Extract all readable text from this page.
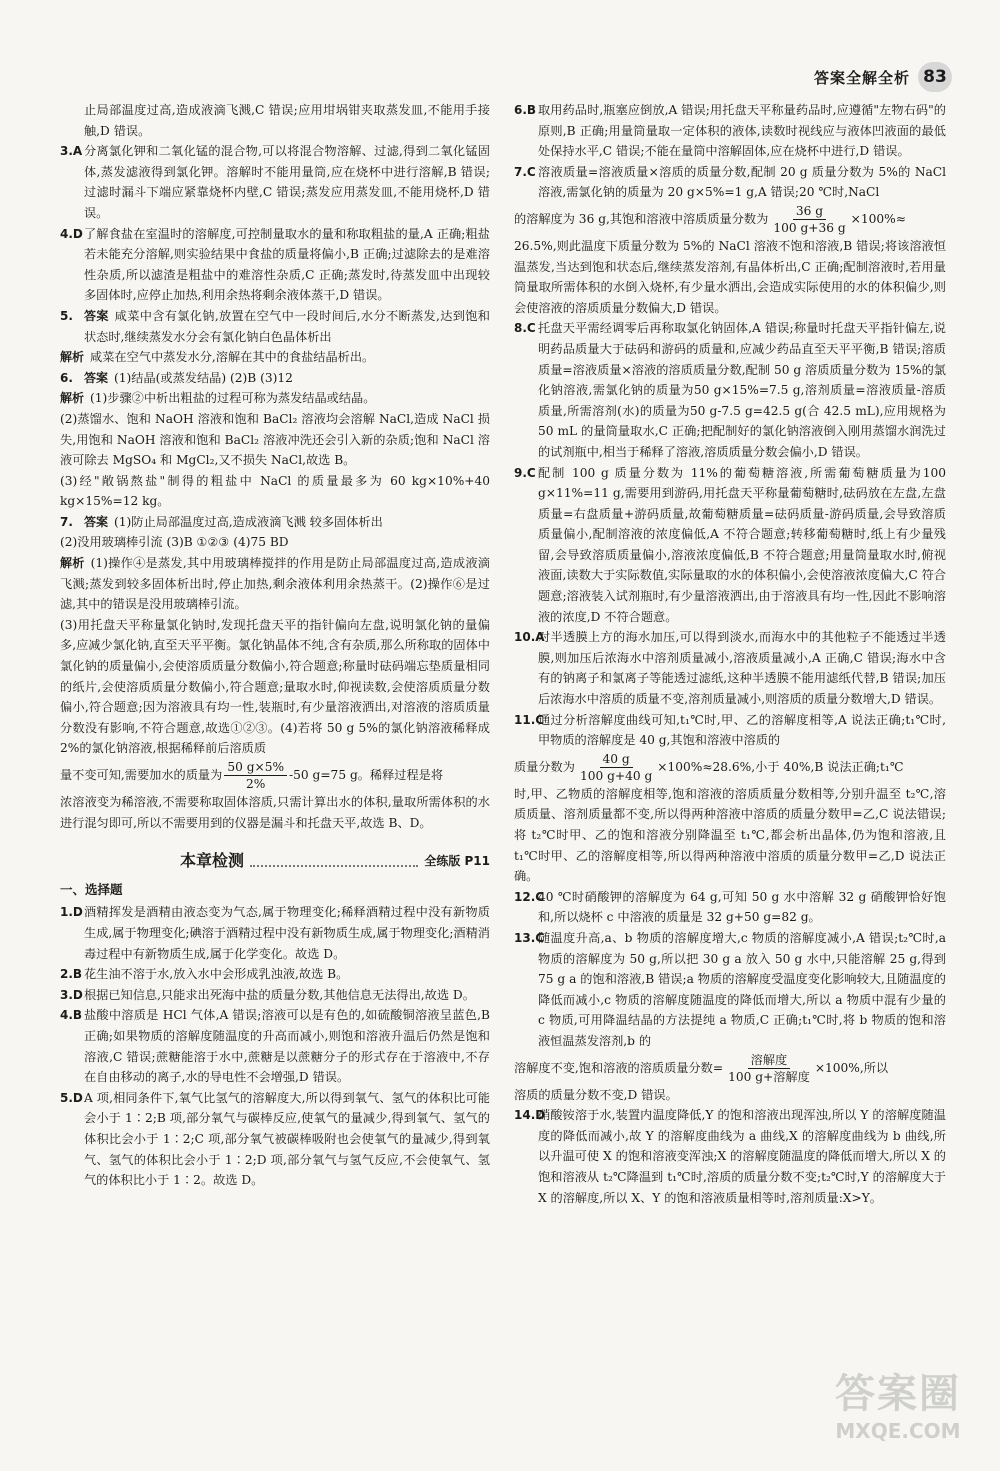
答案全解全析 83

止局部温度过高,造成液滴飞溅,C 错误;应用坩埚钳夹取蒸发皿,不能用手接触,D 错误。

3.A 分离氯化钾和二氧化锰的混合物,可以将混合物溶解、过滤,得到二氧化锰固体,蒸发滤液得到氯化钾。溶解时不能用量筒,应在烧杯中进行溶解,B 错误;过滤时漏斗下端应紧靠烧杯内壁,C 错误;蒸发应用蒸发皿,不能用烧杯,D 错误。

4.D 了解食盐在室温时的溶解度,可控制量取水的量和称取粗盐的量,A 正确;粗盐若未能充分溶解,则实验结果中食盐的质量将偏小,B 正确;过滤除去的是难溶性杂质,所以滤渣是粗盐中的难溶性杂质,C 正确;蒸发时,待蒸发皿中出现较多固体时,应停止加热,利用余热将剩余液体蒸干,D 错误。

5. 答案 咸菜中含有氯化钠,放置在空气中一段时间后,水分不断蒸发,达到饱和状态时,继续蒸发水分会有氯化钠白色晶体析出

解析 咸菜在空气中蒸发水分,溶解在其中的食盐结晶析出。

6. 答案 (1)结晶(或蒸发结晶) (2)B (3)12

解析 (1)步骤②中析出粗盐的过程可称为蒸发结晶或结晶。

(2)蒸馏水、饱和 NaOH 溶液和饱和 BaCl₂ 溶液均会溶解 NaCl,造成 NaCl 损失,用饱和 NaOH 溶液和饱和 BaCl₂ 溶液冲洗还会引入新的杂质;饱和 NaCl 溶液可除去 MgSO₄ 和 MgCl₂,又不损失 NaCl,故选 B。

(3)经"敞锅熬盐"制得的粗盐中 NaCl 的质量最多为 60 kg×10%+40 kg×15%=12 kg。

7. 答案 (1)防止局部温度过高,造成液滴飞溅 较多固体析出

(2)没用玻璃棒引流 (3)B ①②③ (4)75 BD

解析 (1)操作④是蒸发,其中用玻璃棒搅拌的作用是防止局部温度过高,造成液滴飞溅;蒸发到较多固体析出时,停止加热,剩余液体利用余热蒸干。(2)操作⑥是过滤,其中的错误是没用玻璃棒引流。

(3)用托盘天平称量氯化钠时,发现托盘天平的指针偏向左盘,说明氯化钠的量偏多,应减少氯化钠,直至天平平衡。氯化钠晶体不纯,含有杂质,那么所称取的固体中氯化钠的质量偏小,会使溶质质量分数偏小,符合题意;称量时砝码端忘垫质量相同的纸片,会使溶质质量分数偏小,符合题意;量取水时,仰视读数,会使溶质质量分数偏小,符合题意;因为溶液具有均一性,装瓶时,有少量溶液洒出,对溶液的溶质质量分数没有影响,不符合题意,故选①②③。(4)若将 50 g 5%的氯化钠溶液稀释成2%的氯化钠溶液,根据稀释前后溶质质

量不变可知,需要加水的质量为 $\frac{50 g\times 5\%}{2\%} -50$ g=75 g。稀释过程是将

浓溶液变为稀溶液,不需要称取固体溶质,只需计算出水的体积,量取所需体积的水进行混匀即可,所以不需要用到的仪器是漏斗和托盘天平,故选 B、D。

本章检测	全练版 P11
一、选择题
1.D 酒精挥发是酒精由液态变为气态,属于物理变化;稀释酒精过程中没有新物质生成,属于物理变化;碘溶于酒精过程中没有新物质生成,属于物理变化;酒精消毒过程中有新物质生成,属于化学变化。故选 D。

2.B 花生油不溶于水,放入水中会形成乳浊液,故选 B。

3.D 根据已知信息,只能求出死海中盐的质量分数,其他信息无法得出,故选 D。

4.B 盐酸中溶质是 HCl 气体,A 错误;溶液可以是有色的,如硫酸铜溶液呈蓝色,B 正确;如果物质的溶解度随温度的升高而减小,则饱和溶液升温后仍然是饱和溶液,C 错误;蔗糖能溶于水中,蔗糖是以蔗糖分子的形式存在于溶液中,不存在自由移动的离子,水的导电性不会增强,D 错误。

5.D A 项,相同条件下,氧气比氢气的溶解度大,所以得到氧气、氢气的体积比可能会小于 1∶2;B 项,部分氧气与碳棒反应,使氧气的量减少,得到氧气、氢气的体积比会小于 1∶2;C 项,部分氧气被碳棒吸附也会使氧气的量减少,得到氧气、氢气的体积比会小于 1∶2;D 项,部分氧气与氢气反应,不会使氧气、氢气的体积比小于 1∶2。故选 D。

6.B 取用药品时,瓶塞应倒放,A 错误;用托盘天平称量药品时,应遵循"左物右码"的原则,B 正确;用量筒量取一定体积的液体,读数时视线应与液体凹液面的最低处保持水平,C 错误;不能在量筒中溶解固体,应在烧杯中进行,D 错误。

7.C 溶液质量=溶液质量×溶质的质量分数,配制 20 g 质量分数为 5%的 NaCl 溶液,需氯化钠的质量为 20 g×5%=1 g,A 错误;20 ℃时,NaCl

的溶解度为 36 g,其饱和溶液中溶质质量分数为 $\frac{36 g}{100 g+36 g} \times 100\%\approx$

26.5%,则此温度下质量分数为 5%的 NaCl 溶液不饱和溶液,B 错误;将该溶液恒温蒸发,当达到饱和状态后,继续蒸发溶剂,有晶体析出,C 正确;配制溶液时,若用量筒量取所需体积的水倒入烧杯,有少量水洒出,会造成实际使用的水的体积偏少,则会使溶液的溶质质量分数偏大,D 错误。

8.C 托盘天平需经调零后再称取氯化钠固体,A 错误;称量时托盘天平指针偏左,说明药品质量大于砝码和游码的质量和,应减少药品直至天平平衡,B 错误;溶质质量=溶液质量×溶液的溶质质量分数,配制 50 g 溶质质量分数为 15%的氯化钠溶液,需氯化钠的质量为50 g×15%=7.5 g,溶剂质量=溶液质量-溶质质量,所需溶剂(水)的质量为50 g-7.5 g=42.5 g(合 42.5 mL),应用规格为 50 mL 的量筒量取水,C 正确;把配制好的氯化钠溶液倒入刚用蒸馏水润洗过的试剂瓶中,相当于稀释了溶液,溶质质量分数会偏小,D 错误。

9.C 配制 100 g 质量分数为 11%的葡萄糖溶液,所需葡萄糖质量为100 g×11%=11 g,需要用到游码,用托盘天平称量葡萄糖时,砝码放在左盘,左盘质量=右盘质量+游码质量,故葡萄糖质量=砝码质量-游码质量,会导致溶质质量偏小,配制溶液的浓度偏低,A 不符合题意;转移葡萄糖时,纸上有少量残留,会导致溶质质量偏小,溶液浓度偏低,B 不符合题意;用量筒量取水时,俯视液面,读数大于实际数值,实际量取的水的体积偏小,会使溶液浓度偏大,C 符合题意;溶液装入试剂瓶时,有少量溶液洒出,由于溶液具有均一性,因此不影响溶液的浓度,D 不符合题意。

10.A

对半透膜上方的海水加压,可以得到淡水,而海水中的其他粒子不能透过半透膜,则加压后浓海水中溶剂质量减小,溶液质量减小,A 正确,C 错误;海水中含有的钠离子和氯离子等能透过滤纸,这种半透膜不能用滤纸代替,B 错误;加压后浓海水中溶质的质量不变,溶剂质量减小,则溶质的质量分数增大,D 错误。

11.C

通过分析溶解度曲线可知,t₁℃时,甲、乙的溶解度相等,A 说法正确;t₁℃时,甲物质的溶解度是 40 g,其饱和溶液中溶质的

质量分数为 $\frac{40 g}{100 g+40 g} \times 100\%\approx 28.6\%$,小于 40%,B 说法正确;t₁℃

时,甲、乙物质的溶解度相等,饱和溶液的溶质质量分数相等,分别升温至 t₂℃,溶质质量、溶剂质量都不变,所以得两种溶液中溶质的质量分数甲=乙,C 说法错误;将 t₂℃时甲、乙的饱和溶液分别降温至 t₁℃,都会析出晶体,仍为饱和溶液,且 t₁℃时甲、乙的溶解度相等,所以得两种溶液中溶质的质量分数甲=乙,D 说法正确。

12.C

40 ℃时硝酸钾的溶解度为 64 g,可知 50 g 水中溶解 32 g 硝酸钾恰好饱和,所以烧杯 c 中溶液的质量是 32 g+50 g=82 g。

13.C

随温度升高,a、b 物质的溶解度增大,c 物质的溶解度减小,A 错误;t₂℃时,a 物质的溶解度为 50 g,所以把 30 g a 放入 50 g 水中,只能溶解 25 g,得到 75 g a 的饱和溶液,B 错误;a 物质的溶解度受温度变化影响较大,且随温度的降低而减小,c 物质的溶解度随温度的降低而增大,所以 a 物质中混有少量的 c 物质,可用降温结晶的方法提纯 a 物质,C 正确;t₁℃时,将 b 物质的饱和溶液恒温蒸发溶剂,b 的

溶解度不变,饱和溶液的溶质质量分数= $\frac{\text{溶解度}}{\text{100 g+溶解度}} \times 100\%$,所以

溶质的质量分数不变,D 错误。

14.D

硝酸铵溶于水,装置内温度降低,Y 的饱和溶液出现浑浊,所以 Y 的溶解度随温度的降低而减小,故 Y 的溶解度曲线为 a 曲线,X 的溶解度曲线为 b 曲线,所以升温可使 X 的饱和溶液变浑浊;X 的溶解度随温度的降低而增大,所以 X 的饱和溶液从 t₂℃降温到 t₁℃时,溶质的质量分数不变;t₂℃时,Y 的溶解度大于 X 的溶解度,所以 X、Y 的饱和溶液质量相等时,溶剂质量:X>Y。

答案圈
MXQE.COM
